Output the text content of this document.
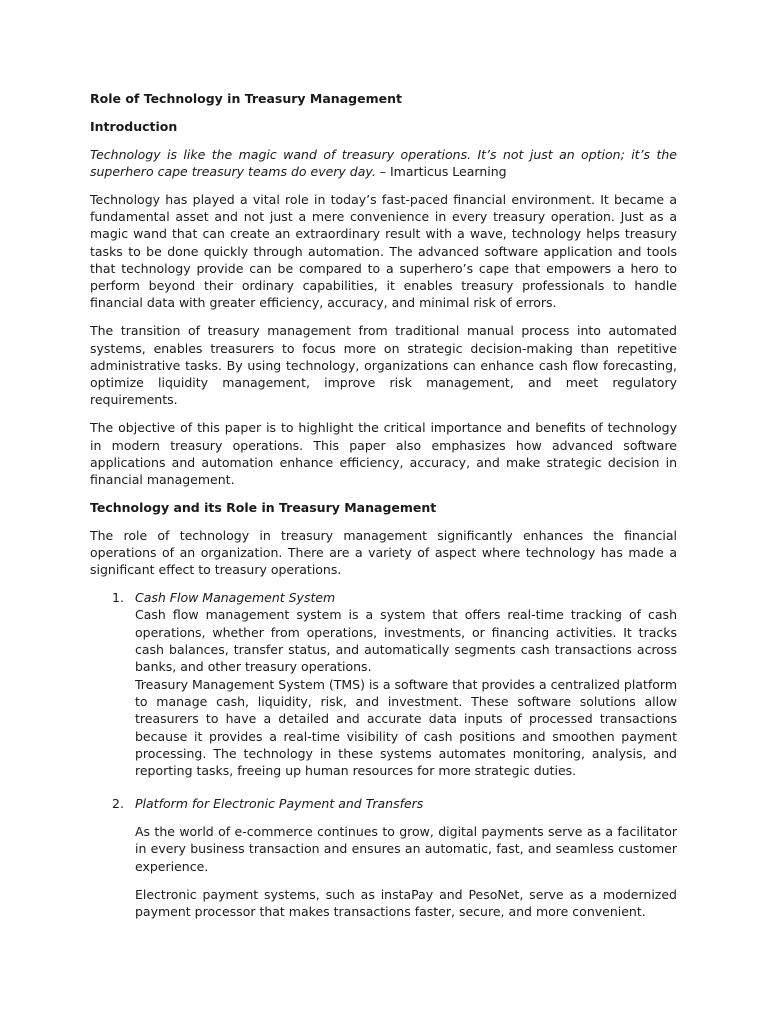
Role of Technology in Treasury Management
Introduction

Technology is like the magic wand of treasury operations. It’s not just an option; it’s the superhero cape treasury teams do every day. – Imarticus Learning

Technology has played a vital role in today’s fast-paced financial environment. It became a fundamental asset and not just a mere convenience in every treasury operation. Just as a magic wand that can create an extraordinary result with a wave, technology helps treasury tasks to be done quickly through automation. The advanced software application and tools that technology provide can be compared to a superhero’s cape that empowers a hero to perform beyond their ordinary capabilities, it enables treasury professionals to handle financial data with greater efficiency, accuracy, and minimal risk of errors.

The transition of treasury management from traditional manual process into automated systems, enables treasurers to focus more on strategic decision-making than repetitive administrative tasks. By using technology, organizations can enhance cash flow forecasting, optimize liquidity management, improve risk management, and meet regulatory requirements.

The objective of this paper is to highlight the critical importance and benefits of technology in modern treasury operations. This paper also emphasizes how advanced software applications and automation enhance efficiency, accuracy, and make strategic decision in financial management.

Technology and its Role in Treasury Management

The role of technology in treasury management significantly enhances the financial operations of an organization. There are a variety of aspect where technology has made a significant effect to treasury operations.

1. Cash Flow Management System

Cash flow management system is a system that offers real-time tracking of cash operations, whether from operations, investments, or financing activities. It tracks cash balances, transfer status, and automatically segments cash transactions across banks, and other treasury operations.

Treasury Management System (TMS) is a software that provides a centralized platform to manage cash, liquidity, risk, and investment. These software solutions allow treasurers to have a detailed and accurate data inputs of processed transactions because it provides a real-time visibility of cash positions and smoothen payment processing. The technology in these systems automates monitoring, analysis, and reporting tasks, freeing up human resources for more strategic duties.

2. Platform for Electronic Payment and Transfers

As the world of e-commerce continues to grow, digital payments serve as a facilitator in every business transaction and ensures an automatic, fast, and seamless customer experience.

Electronic payment systems, such as instaPay and PesoNet, serve as a modernized payment processor that makes transactions faster, secure, and more convenient.
